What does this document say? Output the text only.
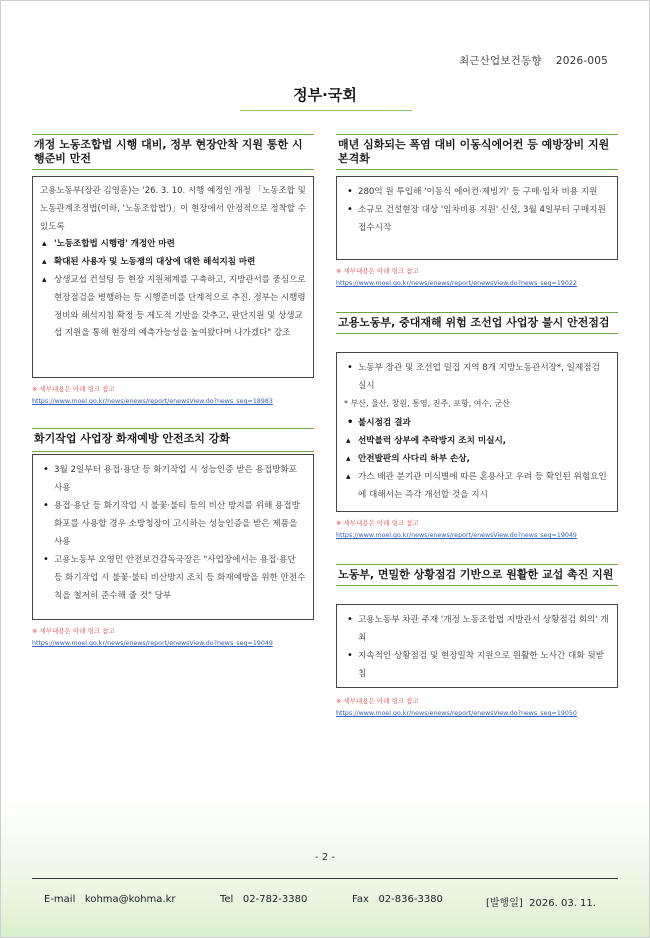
최근산업보건동향 2026-005
정부·국회
개정 노동조합법 시행 대비, 정부 현장안착 지원 통한 시행준비 만전

고용노동부(장관 김영훈)는 '26. 3. 10. 시행 예정인 개정 「노동조합 및 노동관계조정법(이하, '노동조합법')」이 현장에서 안정적으로 정착할 수 있도록

▴ '노동조합법 시행령' 개정안 마련
▴ 확대된 사용자 및 노동쟁의 대상에 대한 해석지침 마련
▴ 상생교섭 컨설팅 등 현장 지원체계를 구축하고, 지방관서를 중심으로 현장점검을 병행하는 등 시행준비를 단계적으로 추진. 정부는 시행령 정비와 해석지침 확정 등 제도적 기반을 갖추고, 판단지원 및 상생교섭 지원을 통해 현장의 예측가능성을 높여왔다며 나가겠다" 강조
※ 세부내용은 아래 링크 참고
https://www.moel.go.kr/news/enews/report/enewsView.do?news_seq=18983
화기작업 사업장 화재예방 안전조치 강화
• 3월 2일부터 용접·용단 등 화기작업 시 성능인증 받은 용접방화포 사용
• 용접·용단 등 화기작업 시 불꽃·불티 등의 비산 방지를 위해 용접방화포를 사용할 경우 소방청장이 고시하는 성능인증을 받은 제품을 사용
• 고용노동부 오영민 안전보건감독국장은 "사업장에서는 용접·용단 등 화기작업 시 불꽃·불티 비산방지 조치 등 화재예방을 위한 안전수칙을 철저히 준수해 줄 것" 당부
※ 세부내용은 아래 링크 참고
https://www.moel.go.kr/news/enews/report/enewsView.do?news_seq=19049
매년 심화되는 폭염 대비 이동식에어컨 등 예방장비 지원 본격화
• 280억 원 투입해 '이동식 에어컨·제빙기' 등 구매·임차 비용 지원
• 소규모 건설현장 대상 '임차비용 지원' 신설, 3월 4일부터 구매지원 접수시작
※ 세부내용은 아래 링크 참고
https://www.moel.go.kr/news/enews/report/enewsView.do?news_seq=19022
고용노동부, 중대재해 위험 조선업 사업장 불시 안전점검
• 노동부 장관 및 조선업 밀집 지역 8개 지방노동관서장*, 일제점검 실시
* 부산, 울산, 창원, 통영, 진주, 포항, 여수, 군산
• 불시점검 결과
▴ 선박블럭 상부에 추락방지 조치 미실시,
▴ 안전발판의 사다리 하부 손상,
▴ 가스 배관 분기관 미식별에 따른 혼용사고 우려 등 확인된 위험요인에 대해서는 즉각 개선할 것을 지시
※ 세부내용은 아래 링크 참고
https://www.moel.go.kr/news/enews/report/enewsView.do?news_seq=19049
노동부, 면밀한 상황점검 기반으로 원활한 교섭 촉진 지원
• 고용노동부 차관 주재 '개정 노동조합법 지방관서 상황점검 회의' 개최
• 지속적인 상황점검 및 현장밀착 지원으로 원활한 노사간 대화 뒷받침
※ 세부내용은 아래 링크 참고
https://www.moel.go.kr/news/enews/report/enewsView.do?news_seq=19050
- 2 -
E-mail kohma@kohma.kr	Tel 02-782-3380	Fax 02-836-3380	[발행일] 2026. 03. 11.
